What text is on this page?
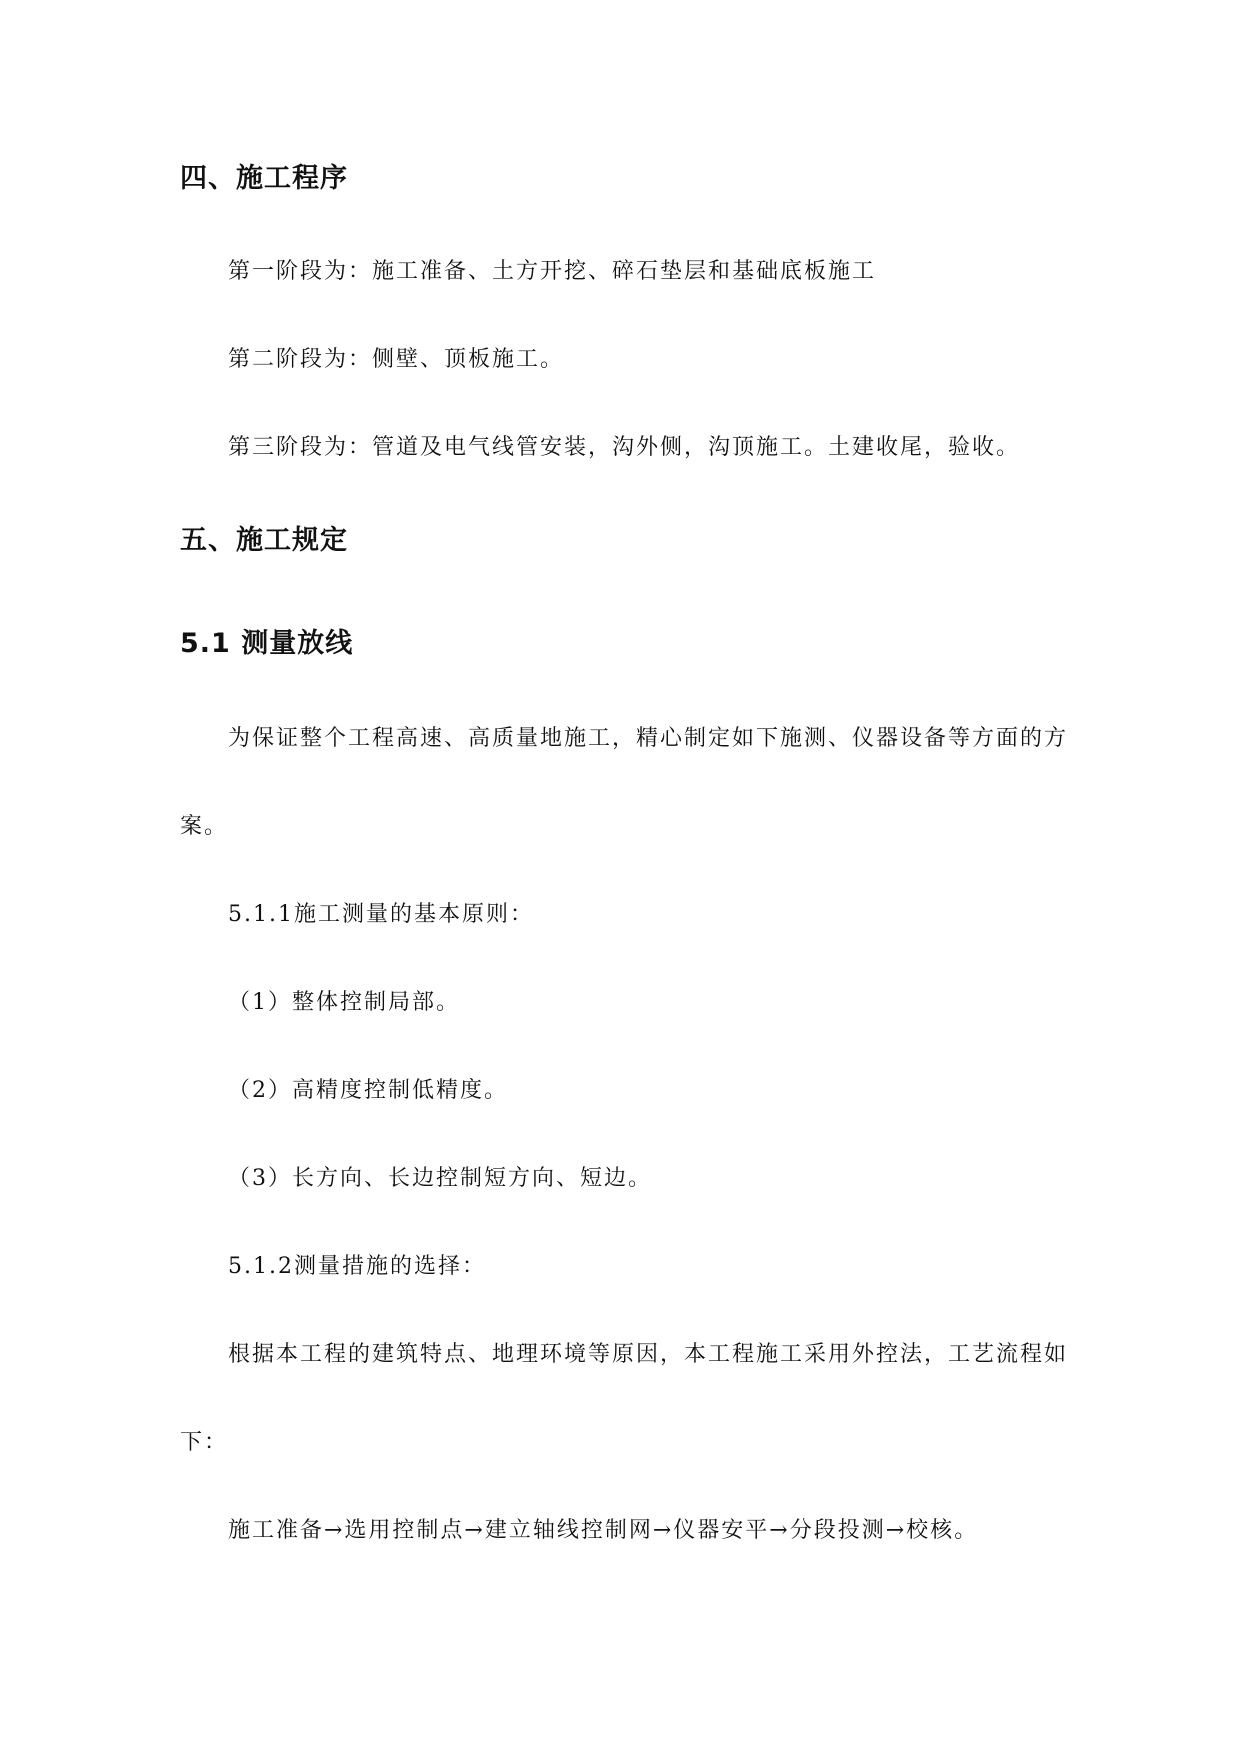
四、施工程序
第一阶段为：施工准备、土方开挖、碎石垫层和基础底板施工
第二阶段为：侧壁、顶板施工。
第三阶段为：管道及电气线管安装，沟外侧，沟顶施工。土建收尾，验收。
五、施工规定
5.1 测量放线
为保证整个工程高速、高质量地施工，精心制定如下施测、仪器设备等方面的方
案。
5.1.1施工测量的基本原则：
（1）整体控制局部。
（2）高精度控制低精度。
（3）长方向、长边控制短方向、短边。
5.1.2测量措施的选择：
根据本工程的建筑特点、地理环境等原因，本工程施工采用外控法，工艺流程如
下：
施工准备→选用控制点→建立轴线控制网→仪器安平→分段投测→校核。
